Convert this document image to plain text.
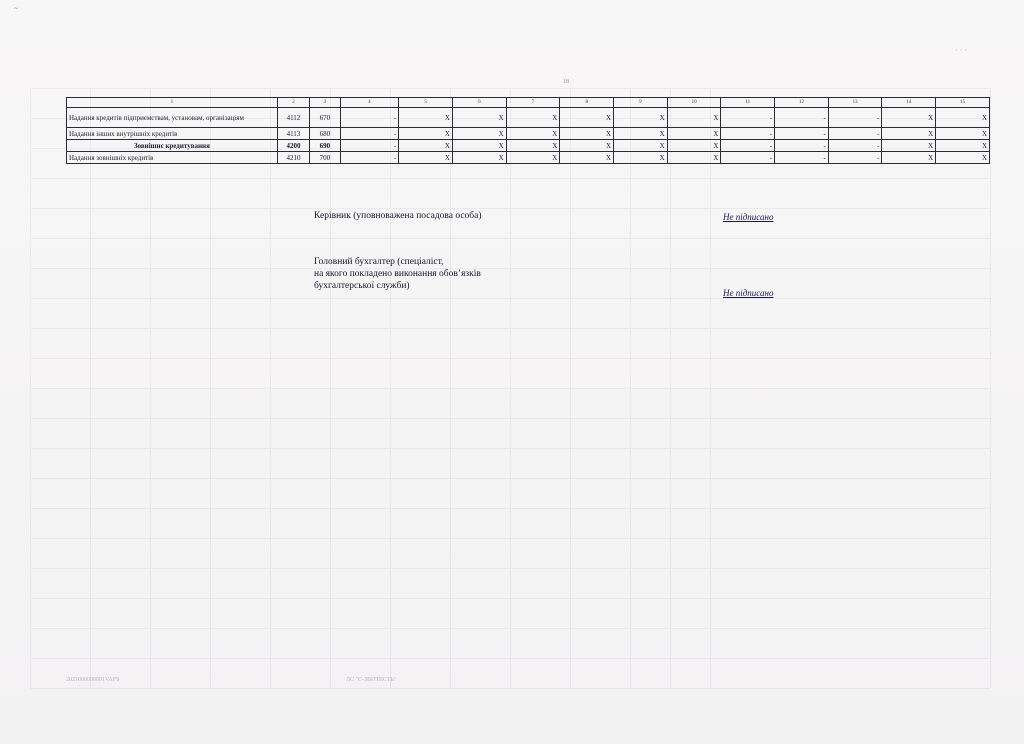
18
1	2	3	4	5	6	7	8	9	10	11	12	13	14	15
Надання кредитів підприємствам, установам, організаціям	4112	670	-	X	X	X	X	X	X	-	-	-	X	X
Надання інших внутрішніх кредитів	4113	680	-	X	X	X	X	X	X	-	-	-	X	X
Зовнішнє кредитування	4200	690	-	X	X	X	X	X	X	-	-	-	X	X
Надання зовнішніх кредитів	4210	700	-	X	X	X	X	X	X	-	-	-	X	X
Керівник (уповноважена посадова особа)	Не підписано
Головний бухгалтер (спеціаліст,
на якого покладено виконання обов’язків
бухгалтерської служби)
Не підписано
2021000000001VAFS	ЛС "Є-ЗВІТНІСТЬ"
~
˙ ˙ ˙
